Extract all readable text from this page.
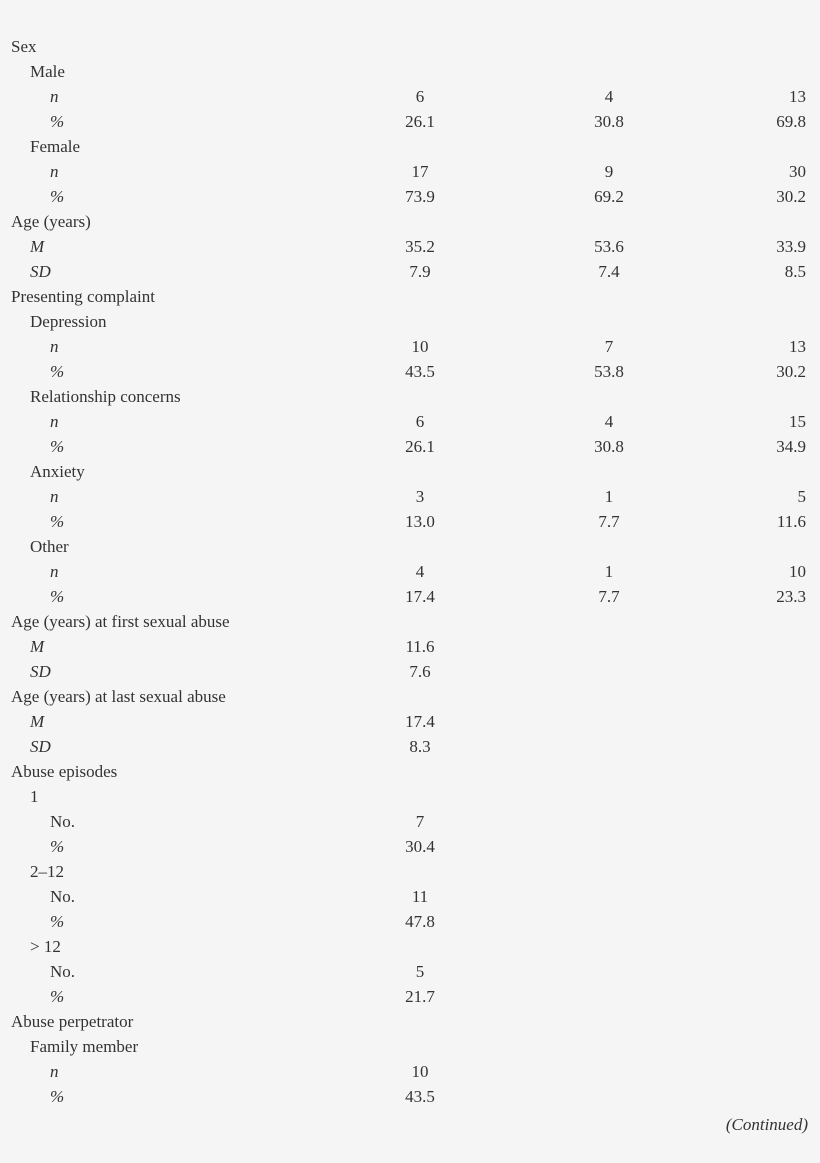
Sex
Male
n	6	4	13
%	26.1	30.8	69.8
Female
n	17	9	30
%	73.9	69.2	30.2
Age (years)
M	35.2	53.6	33.9
SD	7.9	7.4	8.5
Presenting complaint
Depression
n	10	7	13
%	43.5	53.8	30.2
Relationship concerns
n	6	4	15
%	26.1	30.8	34.9
Anxiety
n	3	1	5
%	13.0	7.7	11.6
Other
n	4	1	10
%	17.4	7.7	23.3
Age (years) at first sexual abuse
M	11.6
SD	7.6
Age (years) at last sexual abuse
M	17.4
SD	8.3
Abuse episodes
1
No.	7
%	30.4
2–12
No.	11
%	47.8
> 12
No.	5
%	21.7
Abuse perpetrator
Family member
n	10
%	43.5
(Continued)
